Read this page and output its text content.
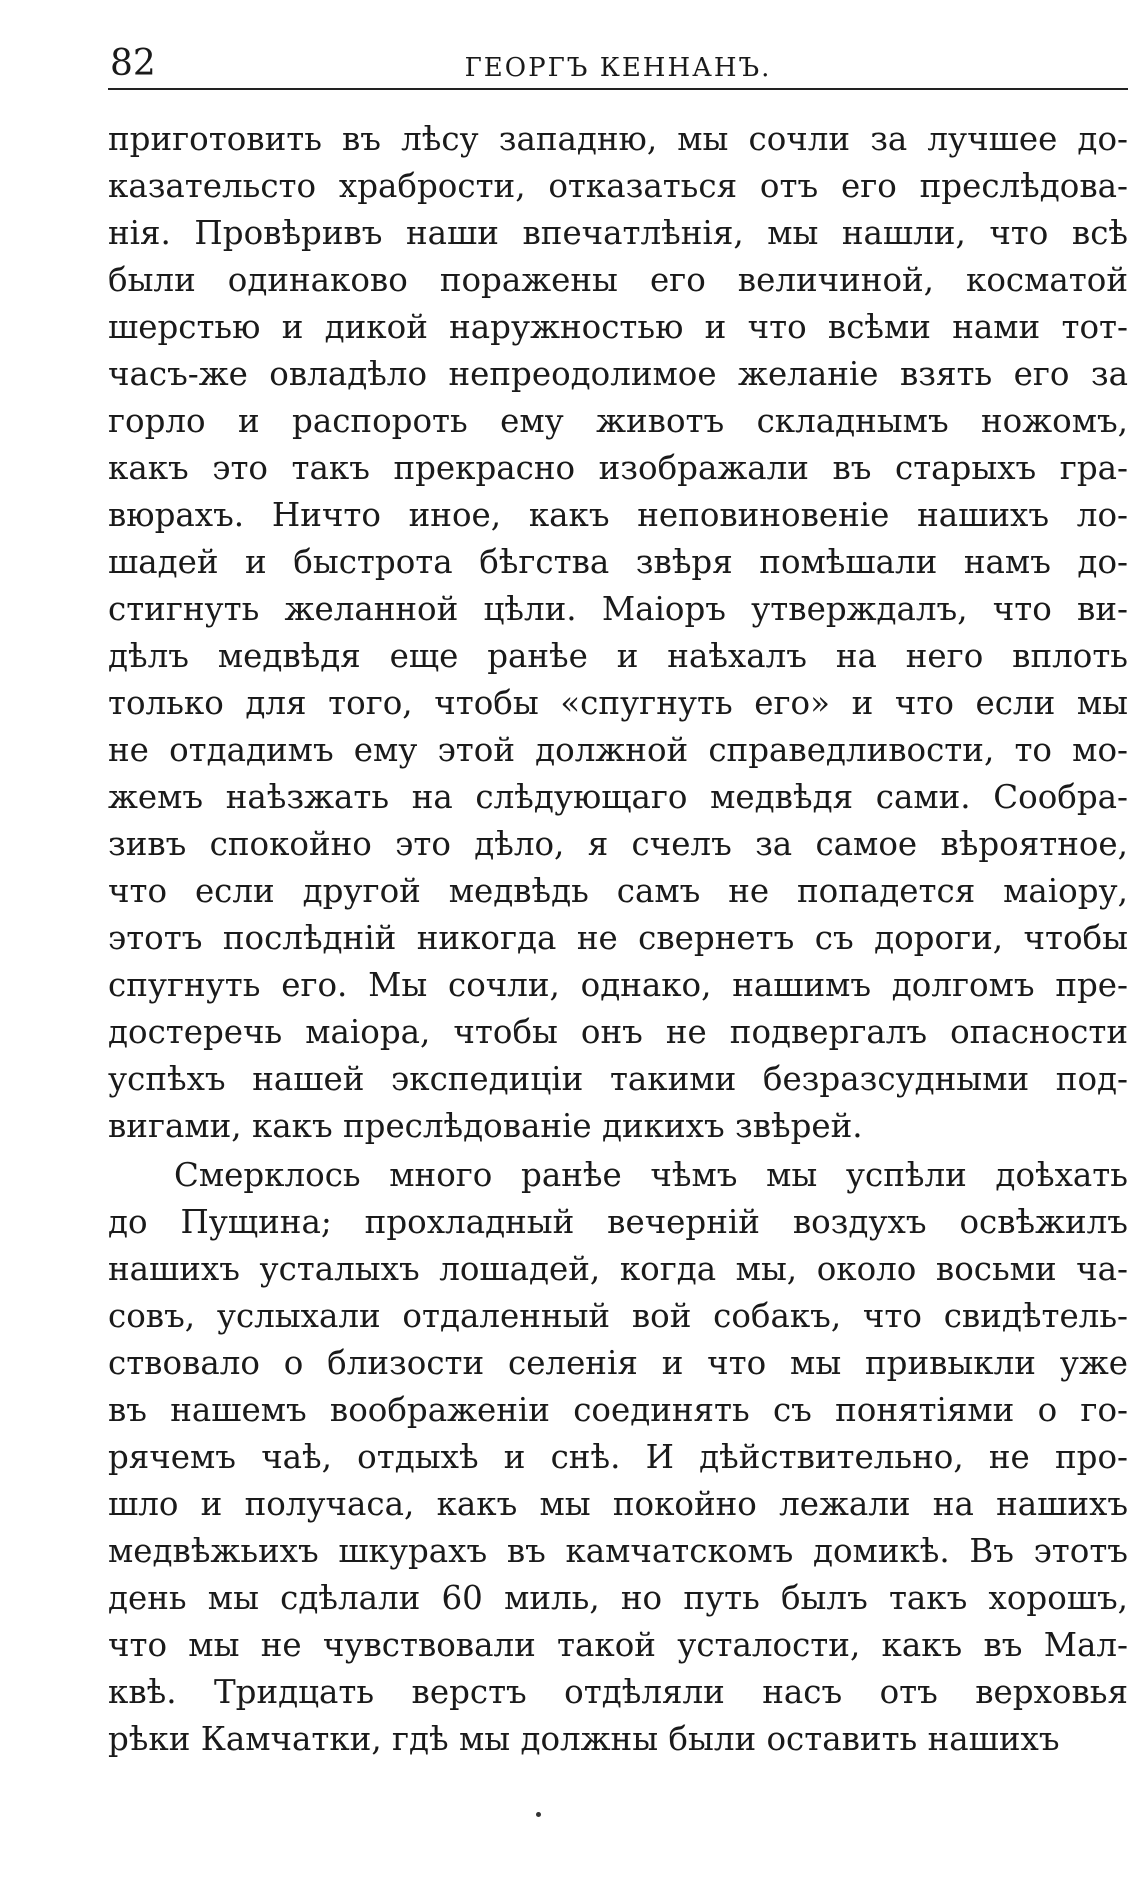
82	ГЕОРГЪ КЕННАНЪ.
приготовить въ лѣсу западню, мы сочли за лучшее до-
казательсто храбрости, отказаться отъ его преслѣдова-
нія. Провѣривъ наши впечатлѣнія, мы нашли, что всѣ
были одинаково поражены его величиной, косматой
шерстью и дикой наружностью и что всѣми нами тот-
часъ-же овладѣло непреодолимое желаніе взять его за
горло и распороть ему животъ складнымъ ножомъ,
какъ это такъ прекрасно изображали въ старыхъ гра-
вюрахъ. Ничто иное, какъ неповиновеніе нашихъ ло-
шадей и быстрота бѣгства звѣря помѣшали намъ до-
стигнуть желанной цѣли. Маіоръ утверждалъ, что ви-
дѣлъ медвѣдя еще ранѣе и наѣхалъ на него вплоть
только для того, чтобы «спугнуть его» и что если мы
не отдадимъ ему этой должной справедливости, то мо-
жемъ наѣзжать на слѣдующаго медвѣдя сами. Сообра-
зивъ спокойно это дѣло, я счелъ за самое вѣроятное,
что если другой медвѣдь самъ не попадется маіору,
этотъ послѣдній никогда не свернетъ съ дороги, чтобы
спугнуть его. Мы сочли, однако, нашимъ долгомъ пре-
достеречь маіора, чтобы онъ не подвергалъ опасности
успѣхъ нашей экспедиціи такими безразсудными под-
вигами, какъ преслѣдованіе дикихъ звѣрей.
Смерклось много ранѣе чѣмъ мы успѣли доѣхать
до Пущина; прохладный вечерній воздухъ освѣжилъ
нашихъ усталыхъ лошадей, когда мы, около восьми ча-
совъ, услыхали отдаленный вой собакъ, что свидѣтель-
ствовало о близости селенія и что мы привыкли уже
въ нашемъ воображеніи соединять съ понятіями о го-
рячемъ чаѣ, отдыхѣ и снѣ. И дѣйствительно, не про-
шло и получаса, какъ мы покойно лежали на нашихъ
медвѣжьихъ шкурахъ въ камчатскомъ домикѣ. Въ этотъ
день мы сдѣлали 60 миль, но путь былъ такъ хорошъ,
что мы не чувствовали такой усталости, какъ въ Мал-
квѣ. Тридцать верстъ отдѣляли насъ отъ верховья
рѣки Камчатки, гдѣ мы должны были оставить нашихъ
